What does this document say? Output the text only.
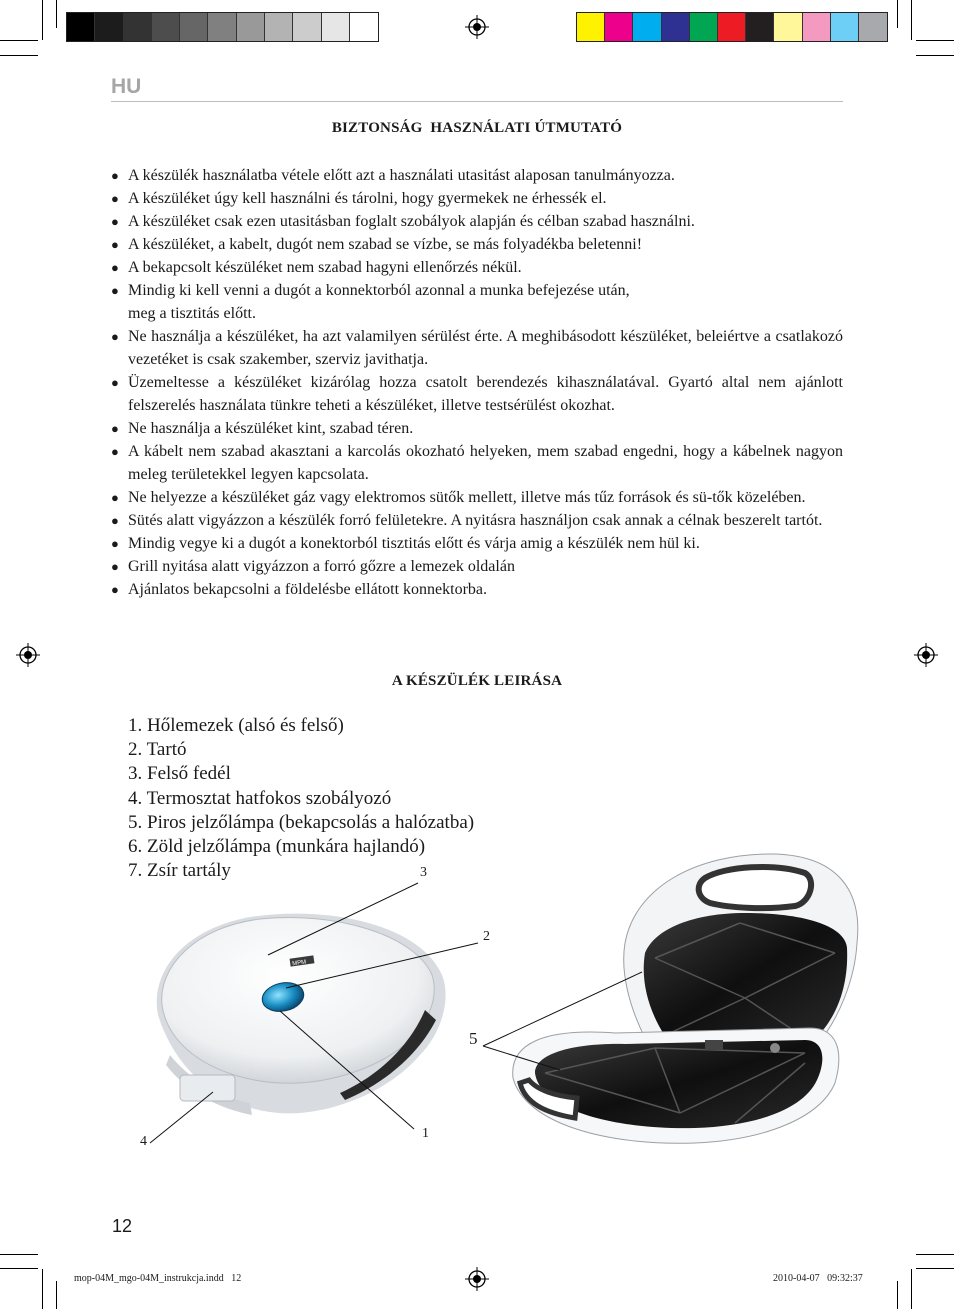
HU
BIZTONSÁG  HASZNÁLATI ÚTMUTATÓ
● A készülék használatba vétele előtt azt a használati utasitást alaposan tanulmányozza.
● A készüléket úgy kell használni és tárolni, hogy gyermekek ne érhessék el.
● A készüléket csak ezen utasitásban foglalt szobályok alapján és célban szabad használni.
● A készüléket, a kabelt, dugót nem szabad se vízbe, se más folyadékba beletenni!
● A bekapcsolt készüléket nem szabad hagyni ellenőrzés nékül.
● Mindig ki kell venni a dugót a konnektorból azonnal a munka befejezése után,
meg a tisztitás előtt.
● Ne használja a készüléket, ha azt valamilyen sérülést érte. A meghibásodott készüléket, beleiértve a csatlakozó vezetéket is csak szakember, szerviz javithatja.
● Üzemeltesse a készüléket kizárólag hozza csatolt berendezés kihasználatával. Gyartó altal nem ajánlott felszerelés használata tünkre teheti a készüléket, illetve testsérülést okozhat.
● Ne használja a készüléket kint, szabad téren.
● A kábelt nem szabad akasztani a karcolás okozható helyeken, mem szabad engedni, hogy a kábelnek nagyon meleg területekkel legyen kapcsolata.
● Ne helyezze a készüléket gáz vagy elektromos sütők mellett, illetve más tűz források és sü-tők közelében.
● Sütés alatt vigyázzon a készülék forró felületekre. A nyitásra használjon csak annak a célnak beszerelt tartót.
● Mindig vegye ki a dugót a konektorból tisztitás előtt és várja amig a készülék nem hül ki.
● Grill nyitása alatt vigyázzon a forró gőzre a lemezek oldalán
● Ajánlatos bekapcsolni a földelésbe ellátott konnektorba.
A KÉSZÜLÉK LEIRÁSA
1. Hőlemezek (alsó és felső)
2. Tartó
3. Felső fedél
4. Termosztat hatfokos szobályozó
5. Piros jelzőlámpa (bekapcsolás a halózatba)
6. Zöld jelzőlámpa (munkára hajlandó)
7. Zsír tartály
MPM
3
2
1
4
5
12
mop-04M_mgo-04M_instrukcja.indd   12	2010-04-07   09:32:37
